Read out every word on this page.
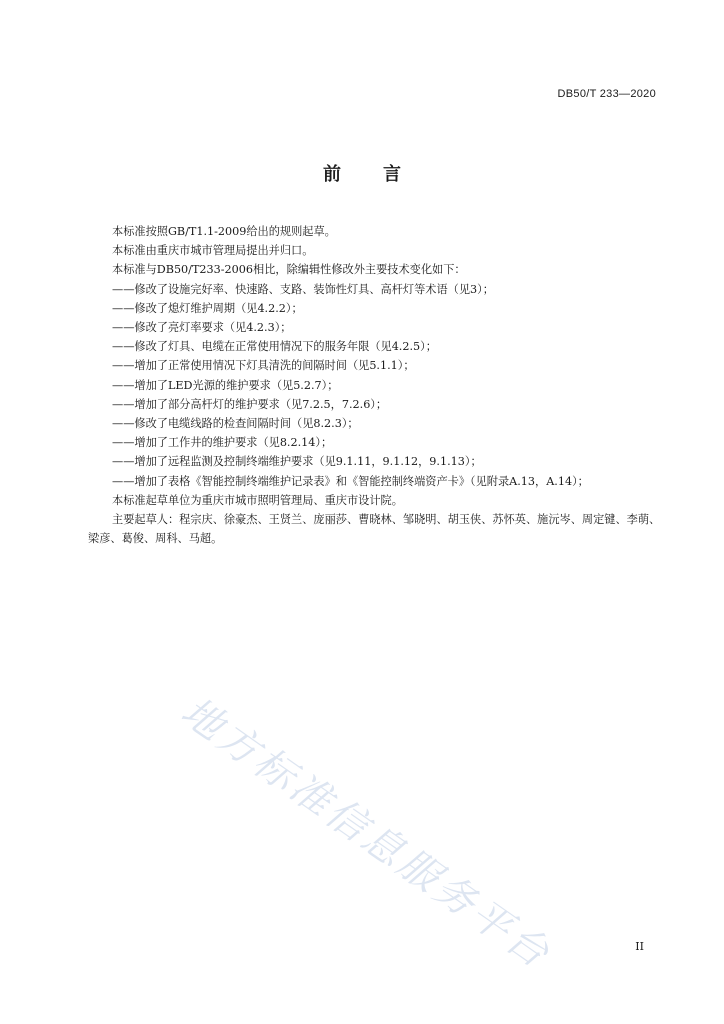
DB50/T 233—2020
前 言
本标准按照GB/T1.1-2009给出的规则起草。
本标准由重庆市城市管理局提出并归口。
本标准与DB50/T233-2006相比，除编辑性修改外主要技术变化如下：
——修改了设施完好率、快速路、支路、装饰性灯具、高杆灯等术语（见3）；
——修改了熄灯维护周期（见4.2.2）；
——修改了亮灯率要求（见4.2.3）；
——修改了灯具、电缆在正常使用情况下的服务年限（见4.2.5）；
——增加了正常使用情况下灯具清洗的间隔时间（见5.1.1）；
——增加了LED光源的维护要求（见5.2.7）；
——增加了部分高杆灯的维护要求（见7.2.5，7.2.6）；
——修改了电缆线路的检查间隔时间（见8.2.3）；
——增加了工作井的维护要求（见8.2.14）；
——增加了远程监测及控制终端维护要求（见9.1.11，9.1.12，9.1.13）；
——增加了表格《智能控制终端维护记录表》和《智能控制终端资产卡》（见附录A.13，A.14）；
本标准起草单位为重庆市城市照明管理局、重庆市设计院。
主要起草人：程宗庆、徐豪杰、王贤兰、庞丽莎、曹晓林、邹晓明、胡玉侠、苏怀英、施沅岑、周定键、李萌、梁彦、葛俊、周科、马超。
地方标准信息服务平台	II
